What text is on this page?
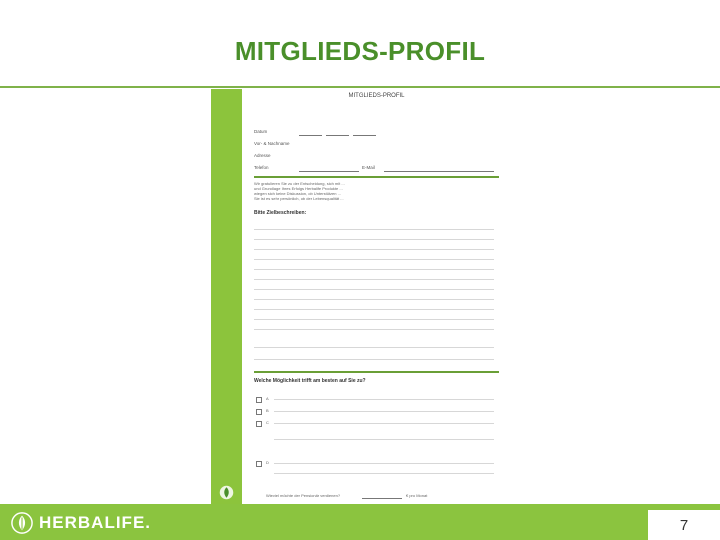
MITGLIEDS-PROFIL
MITGLIEDS-PROFIL
Datum
Vor- & Nachname
Adresse
Telefon	E-Mail
Wir gratulieren Sie zu der Entscheidung, sich mit ...
und Grundlage Ihres Erfolgs Herbalife Produkte ...
wiegen sich keine Diskussion, ob Unterstützen ...
Sie ist es sehr persönlich, ob der Lebensqualität ...
Bitte Zielbeschreiben:
Welche Möglichkeit trifft am besten auf Sie zu?
A
B
C
D
Wieviel möchte der Pensionär verdienen?	€ pro Monat
HERBALIFE.	7
